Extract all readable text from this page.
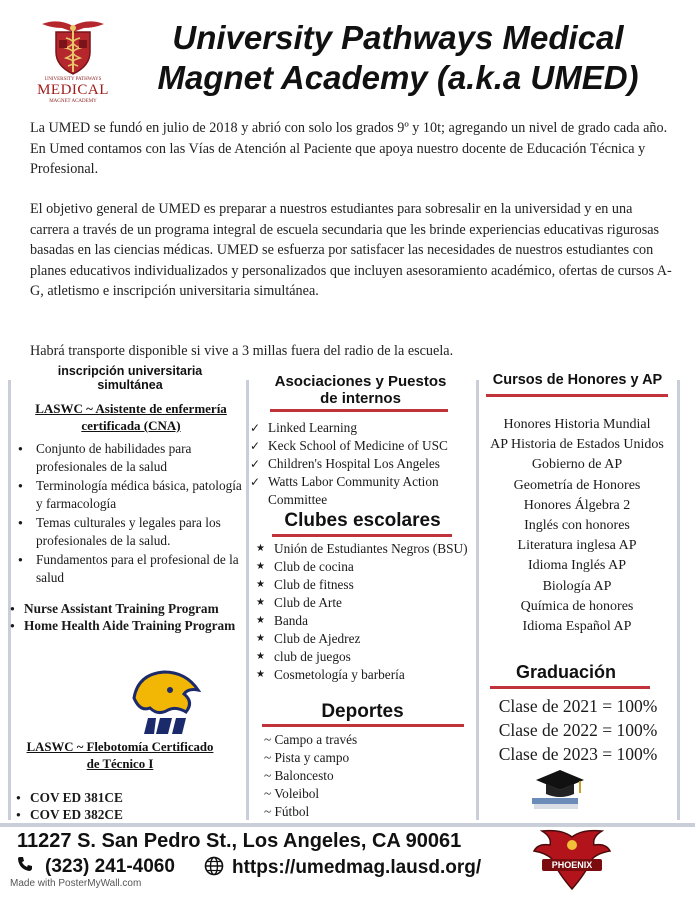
UNIVERSITY PATHWAYS
MEDICAL
MAGNET ACADEMY
University Pathways Medical Magnet Academy (a.k.a UMED)
La UMED se fundó en julio de 2018 y abrió con solo los grados 9º y 10t; agregando un nivel de grado cada año. En Umed contamos con las Vías de Atención al Paciente que apoya nuestro docente de Educación Técnica y Profesional.
El objetivo general de UMED es preparar a nuestros estudiantes para sobresalir en la universidad y en una carrera a través de un programa integral de escuela secundaria que les brinde experiencias educativas rigurosas basadas en las ciencias médicas. UMED se esfuerza por satisfacer las necesidades de nuestros estudiantes con planes educativos individualizados y personalizados que incluyen asesoramiento académico, ofertas de cursos A-G, atletismo e inscripción universitaria simultánea.
Habrá transporte disponible si vive a 3 millas fuera del radio de la escuela.
inscripción universitaria simultánea
LASWC ~ Asistente de enfermería certificada (CNA)
● Conjunto de habilidades para profesionales de la salud
● Terminología médica básica, patología y farmacología
● Temas culturales y legales para los profesionales de la salud.
● Fundamentos para el profesional de la salud
● Nurse Assistant Training Program
● Home Health Aide Training Program
LASWC ~ Flebotomía Certificado de Técnico I
● COV ED 381CE
● COV ED 382CE
Asociaciones y Puestos de internos
✓ Linked Learning
✓ Keck School of Medicine of USC
✓ Children's Hospital Los Angeles
✓ Watts Labor Community Action Committee
Clubes escolares
★ Unión de Estudiantes Negros (BSU)
★ Club de cocina
★ Club de fitness
★ Club de Arte
★ Banda
★ Club de Ajedrez
★ club de juegos
★ Cosmetología y barbería
Deportes
~ Campo a través
~ Pista y campo
~ Baloncesto
~ Voleibol
~ Fútbol
Cursos de Honores y AP
Honores Historia Mundial
AP Historia de Estados Unidos
Gobierno de AP
Geometría de Honores
Honores Álgebra 2
Inglés con honores
Literatura inglesa AP
Idioma Inglés AP
Biología AP
Química de honores
Idioma Español AP
Graduación
Clase de 2021 = 100%
Clase de 2022 = 100%
Clase de 2023 = 100%
11227 S. San Pedro St., Los Angeles, CA 90061
(323) 241-4060	https://umedmag.lausd.org/	PHOENIX
Made with PosterMyWall.com
